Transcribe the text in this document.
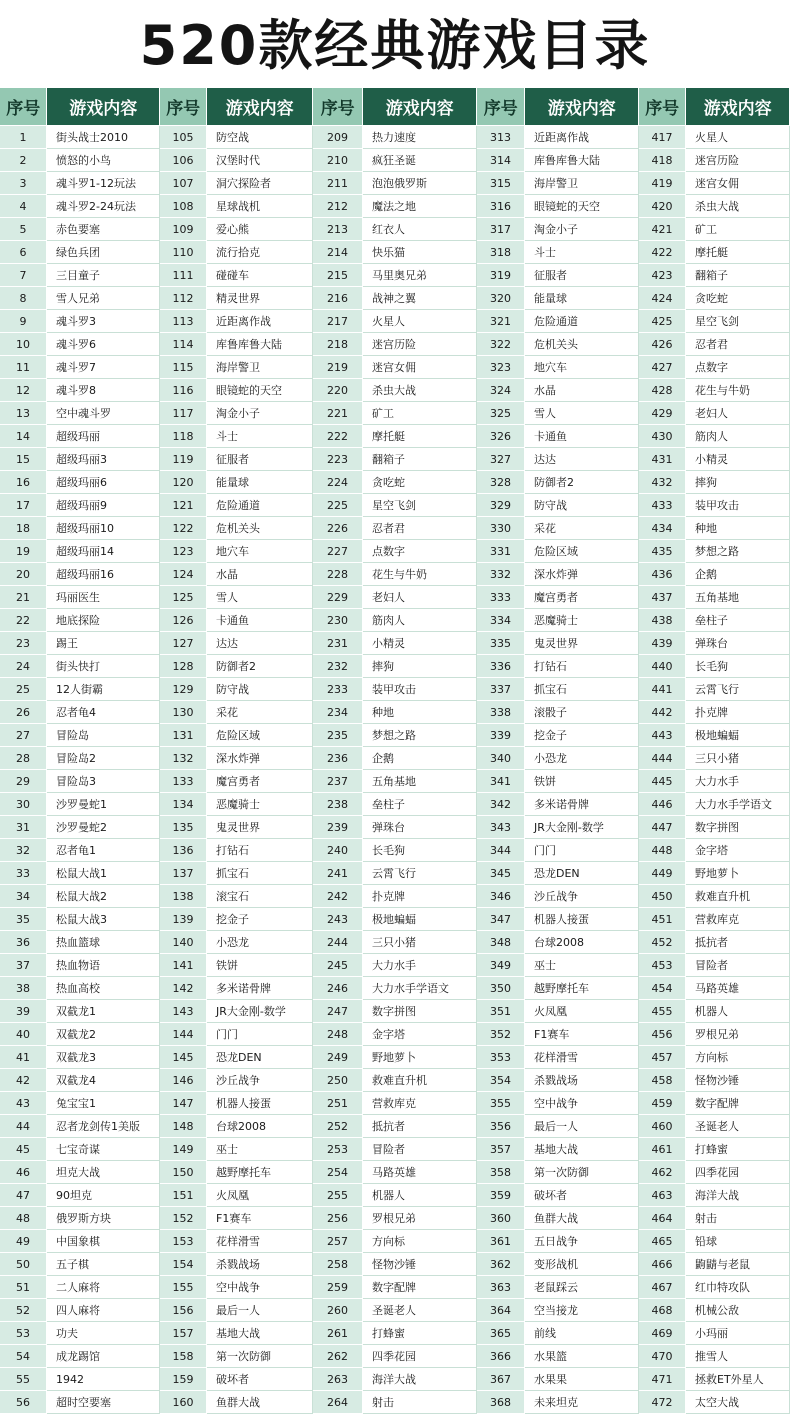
520款经典游戏目录
序号	游戏内容
1	街头战士2010
2	愤怒的小鸟
3	魂斗罗1-12玩法
4	魂斗罗2-24玩法
5	赤色要塞
6	绿色兵团
7	三目童子
8	雪人兄弟
9	魂斗罗3
10	魂斗罗6
11	魂斗罗7
12	魂斗罗8
13	空中魂斗罗
14	超级玛丽
15	超级玛丽3
16	超级玛丽6
17	超级玛丽9
18	超级玛丽10
19	超级玛丽14
20	超级玛丽16
21	玛丽医生
22	地底探险
23	踢王
24	街头快打
25	12人街霸
26	忍者龟4
27	冒险岛
28	冒险岛2
29	冒险岛3
30	沙罗曼蛇1
31	沙罗曼蛇2
32	忍者龟1
33	松鼠大战1
34	松鼠大战2
35	松鼠大战3
36	热血篮球
37	热血物语
38	热血高校
39	双截龙1
40	双截龙2
41	双截龙3
42	双截龙4
43	兔宝宝1
44	忍者龙剑传1美版
45	七宝奇谋
46	坦克大战
47	90坦克
48	俄罗斯方块
49	中国象棋
50	五子棋
51	二人麻将
52	四人麻将
53	功夫
54	成龙踢馆
55	1942
56	超时空要塞
序号	游戏内容
105	防空战
106	汉堡时代
107	洞穴探险者
108	星球战机
109	爱心熊
110	流行拾克
111	碰碰车
112	精灵世界
113	近距离作战
114	库鲁库鲁大陆
115	海岸警卫
116	眼镜蛇的天空
117	淘金小子
118	斗士
119	征服者
120	能量球
121	危险通道
122	危机关头
123	地穴车
124	水晶
125	雪人
126	卡通鱼
127	达达
128	防御者2
129	防守战
130	采花
131	危险区域
132	深水炸弹
133	魔宫勇者
134	恶魔骑士
135	鬼灵世界
136	打钻石
137	抓宝石
138	滚宝石
139	挖金子
140	小恐龙
141	铁饼
142	多米诺骨牌
143	JR大金刚-数学
144	门门
145	恐龙DEN
146	沙丘战争
147	机器人接蛋
148	台球2008
149	巫士
150	越野摩托车
151	火凤凰
152	F1赛车
153	花样滑雪
154	杀戮战场
155	空中战争
156	最后一人
157	基地大战
158	第一次防御
159	破坏者
160	鱼群大战
序号	游戏内容
209	热力速度
210	疯狂圣诞
211	泡泡俄罗斯
212	魔法之地
213	红衣人
214	快乐猫
215	马里奥兄弟
216	战神之翼
217	火星人
218	迷宫历险
219	迷宫女佣
220	杀虫大战
221	矿工
222	摩托艇
223	翻箱子
224	贪吃蛇
225	星空飞剑
226	忍者君
227	点数字
228	花生与牛奶
229	老妇人
230	筋肉人
231	小精灵
232	摔狗
233	装甲攻击
234	种地
235	梦想之路
236	企鹅
237	五角基地
238	垒柱子
239	弹珠台
240	长毛狗
241	云霄飞行
242	扑克牌
243	极地蝙蝠
244	三只小猪
245	大力水手
246	大力水手学语文
247	数字拼图
248	金字塔
249	野地萝卜
250	救难直升机
251	营救库克
252	抵抗者
253	冒险者
254	马路英雄
255	机器人
256	罗根兄弟
257	方向标
258	怪物沙锤
259	数字配牌
260	圣诞老人
261	打蜂蜜
262	四季花园
263	海洋大战
264	射击
序号	游戏内容
313	近距离作战
314	库鲁库鲁大陆
315	海岸警卫
316	眼镜蛇的天空
317	淘金小子
318	斗士
319	征服者
320	能量球
321	危险通道
322	危机关头
323	地穴车
324	水晶
325	雪人
326	卡通鱼
327	达达
328	防御者2
329	防守战
330	采花
331	危险区域
332	深水炸弹
333	魔宫勇者
334	恶魔骑士
335	鬼灵世界
336	打钻石
337	抓宝石
338	滚骰子
339	挖金子
340	小恐龙
341	铁饼
342	多米诺骨牌
343	JR大金刚-数学
344	门门
345	恐龙DEN
346	沙丘战争
347	机器人接蛋
348	台球2008
349	巫士
350	越野摩托车
351	火凤凰
352	F1赛车
353	花样滑雪
354	杀戮战场
355	空中战争
356	最后一人
357	基地大战
358	第一次防御
359	破坏者
360	鱼群大战
361	五日战争
362	变形战机
363	老鼠踩云
364	空当接龙
365	前线
366	水果篮
367	水果果
368	未来坦克
序号	游戏内容
417	火星人
418	迷宫历险
419	迷宫女佣
420	杀虫大战
421	矿工
422	摩托艇
423	翻箱子
424	贪吃蛇
425	星空飞剑
426	忍者君
427	点数字
428	花生与牛奶
429	老妇人
430	筋肉人
431	小精灵
432	摔狗
433	装甲攻击
434	种地
435	梦想之路
436	企鹅
437	五角基地
438	垒柱子
439	弹珠台
440	长毛狗
441	云霄飞行
442	扑克牌
443	极地蝙蝠
444	三只小猪
445	大力水手
446	大力水手学语文
447	数字拼图
448	金字塔
449	野地萝卜
450	救难直升机
451	营救库克
452	抵抗者
453	冒险者
454	马路英雄
455	机器人
456	罗根兄弟
457	方向标
458	怪物沙锤
459	数字配牌
460	圣诞老人
461	打蜂蜜
462	四季花园
463	海洋大战
464	射击
465	铅球
466	鼩鼱与老鼠
467	红巾特攻队
468	机械公敌
469	小玛丽
470	推雪人
471	拯救ET外星人
472	太空大战
